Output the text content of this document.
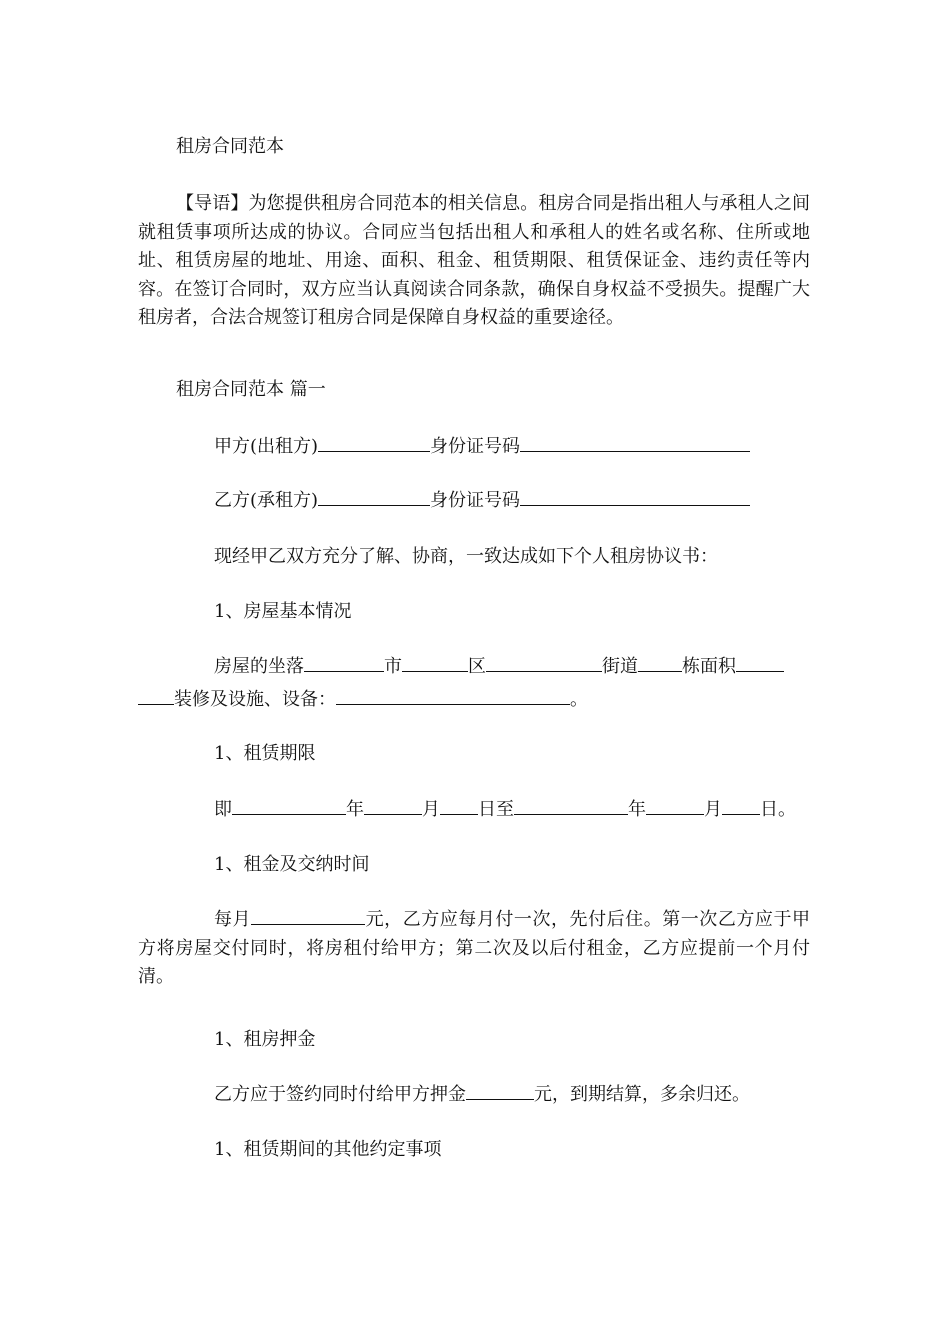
租房合同范本
【导语】为您提供租房合同范本的相关信息。租房合同是指出租人与承租人之间就租赁事项所达成的协议。合同应当包括出租人和承租人的姓名或名称、住所或地址、租赁房屋的地址、用途、面积、租金、租赁期限、租赁保证金、违约责任等内容。在签订合同时，双方应当认真阅读合同条款，确保自身权益不受损失。提醒广大租房者，合法合规签订租房合同是保障自身权益的重要途径。
租房合同范本 篇一
甲方(出租方)	身份证号码
乙方(承租方)	身份证号码
现经甲乙双方充分了解、协商，一致达成如下个人租房协议书：
1、房屋基本情况
房屋的坐落	市	区	街道 栋面积
装修及设施、设备：	。
1、租赁期限
即	年	月 日至	年	月 日。
1、租金及交纳时间
每月	元，乙方应每月付一次，先付后住。第一次乙方应于甲方将房屋交付同时，将房租付给甲方；第二次及以后付租金，乙方应提前一个月付清。
1、租房押金
乙方应于签约同时付给甲方押金	元，到期结算，多余归还。
1、租赁期间的其他约定事项
